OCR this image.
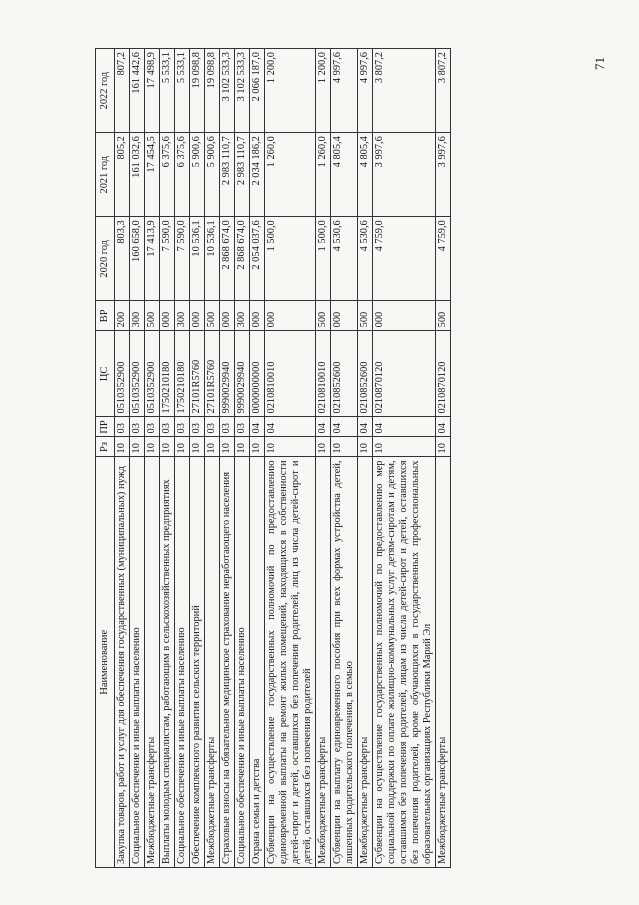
71
Наименование	Рз	ПР	ЦС	ВР	2020 год	2021 год	2022 год
Закупка товаров, работ и услуг для обеспечения государственных (муниципальных) нужд	10	03	0510352900	200	803,3	805,2	807,2
Социальное обеспечение и иные выплаты населению	10	03	0510352900	300	160 658,0	161 032,6	161 442,6
Межбюджетные трансферты	10	03	0510352900	500	17 413,9	17 454,5	17 498,9
Выплаты молодым специалистам, работающим в сельскохозяйственных предприятиях	10	03	1750210180	000	7 590,0	6 375,6	5 533,1
Социальное обеспечение и иные выплаты населению	10	03	1750210180	300	7 590,0	6 375,6	5 533,1
Обеспечение комплексного развития сельских территорий	10	03	27101R5760	000	10 536,1	5 900,6	19 098,8
Межбюджетные трансферты	10	03	27101R5760	500	10 536,1	5 900,6	19 098,8
Страховые взносы на обязательное медицинское страхование неработающего населения	10	03	9990029940	000	2 868 674,0	2 983 110,7	3 102 533,3
Социальное обеспечение и иные выплаты населению	10	03	9990029940	300	2 868 674,0	2 983 110,7	3 102 533,3
Охрана семьи и детства	10	04	0000000000	000	2 054 037,6	2 034 186,2	2 066 187,0
Субвенции на осуществление государственных полномочий по предоставлению единовременной выплаты на ремонт жилых помещений, находящихся в собственности детей-сирот и детей, оставшихся без попечения родителей, лиц из числа детей-сирот и детей, оставшихся без попечения родителей	10	04	0210810010	000	1 500,0	1 260,0	1 200,0
Межбюджетные трансферты	10	04	0210810010	500	1 500,0	1 260,0	1 200,0
Субвенции на выплату единовременного пособия при всех формах устройства детей, лишенных родительского попечения, в семью	10	04	0210852600	000	4 530,6	4 805,4	4 997,6
Межбюджетные трансферты	10	04	0210852600	500	4 530,6	4 805,4	4 997,6
Субвенции на осуществление государственных полномочий по предоставлению мер социальной поддержки по оплате жилищно-коммунальных услуг детям-сиротам и детям, оставшимся без попечения родителей, лицам из числа детей-сирот и детей, оставшихся без попечения родителей, кроме обучающихся в государственных профессиональных образовательных организациях Республики Марий Эл	10	04	0210870120	000	4 759,0	3 997,6	3 807,2
Межбюджетные трансферты	10	04	0210870120	500	4 759,0	3 997,6	3 807,2
